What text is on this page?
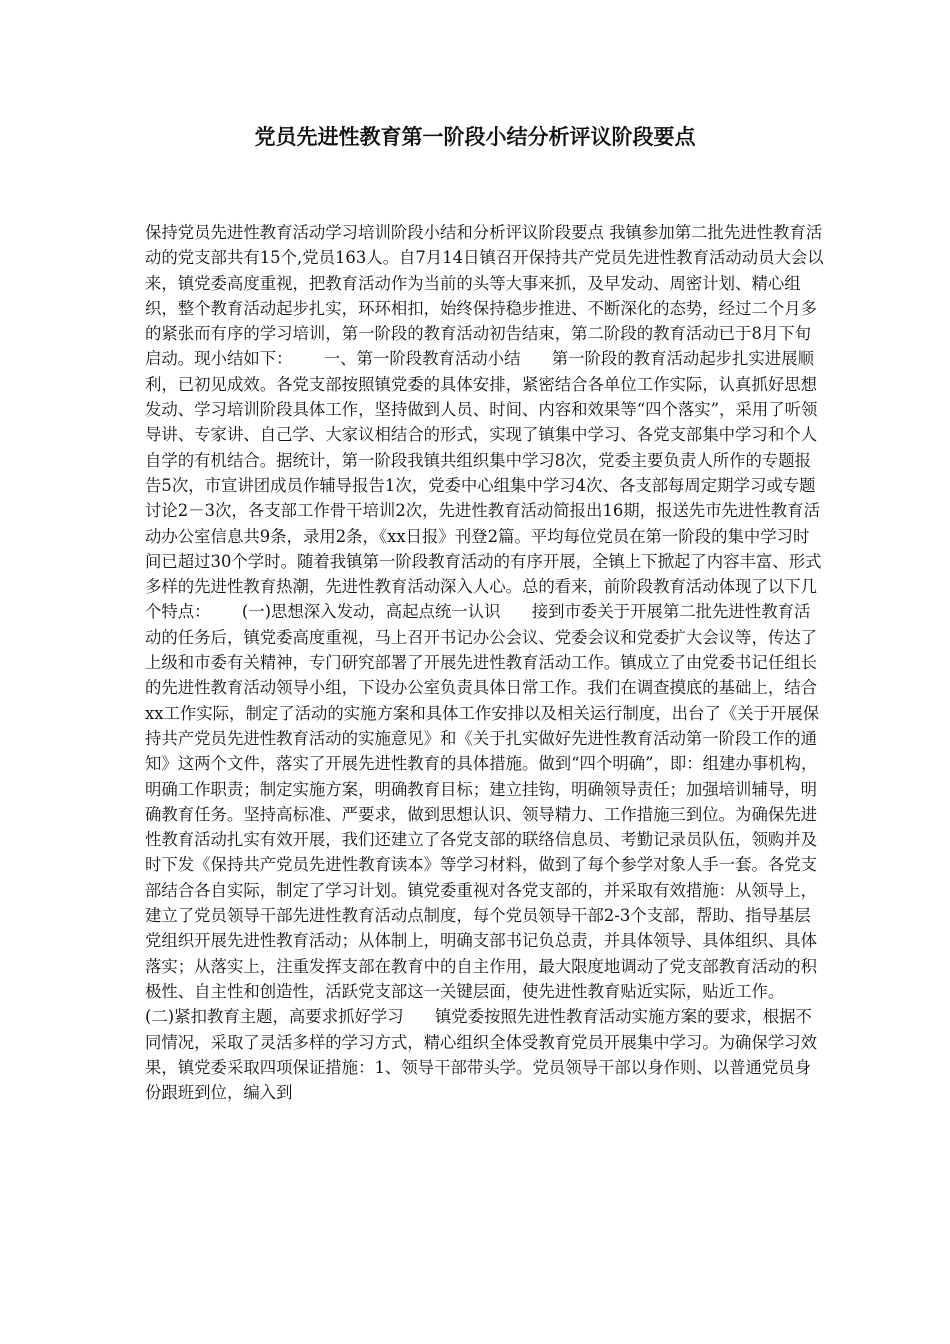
党员先进性教育第一阶段小结分析评议阶段要点
保持党员先进性教育活动学习培训阶段小结和分析评议阶段要点 我镇参加第二批先进性教育活动的党支部共有15个,党员163人。自7月14日镇召开保持共产党员先进性教育活动动员大会以来，镇党委高度重视，把教育活动作为当前的头等大事来抓，及早发动、周密计划、精心组织，整个教育活动起步扎实，环环相扣，始终保持稳步推进、不断深化的态势，经过二个月多的紧张而有序的学习培训，第一阶段的教育活动初告结束，第二阶段的教育活动已于8月下旬启动。现小结如下：      一、第一阶段教育活动小结      第一阶段的教育活动起步扎实进展顺利，已初见成效。各党支部按照镇党委的具体安排，紧密结合各单位工作实际，认真抓好思想发动、学习培训阶段具体工作，坚持做到人员、时间、内容和效果等“四个落实”，采用了听领导讲、专家讲、自己学、大家议相结合的形式，实现了镇集中学习、各党支部集中学习和个人自学的有机结合。据统计，第一阶段我镇共组织集中学习8次，党委主要负责人所作的专题报告5次，市宣讲团成员作辅导报告1次，党委中心组集中学习4次、各支部每周定期学习或专题讨论2－3次，各支部工作骨干培训2次，先进性教育活动简报出16期，报送先市先进性教育活动办公室信息共9条，录用2条，《xx日报》刊登2篇。平均每位党员在第一阶段的集中学习时间已超过30个学时。随着我镇第一阶段教育活动的有序开展，全镇上下掀起了内容丰富、形式多样的先进性教育热潮，先进性教育活动深入人心。总的看来，前阶段教育活动体现了以下几个特点：      (一)思想深入发动，高起点统一认识      接到市委关于开展第二批先进性教育活动的任务后，镇党委高度重视，马上召开书记办公会议、党委会议和党委扩大会议等，传达了上级和市委有关精神，专门研究部署了开展先进性教育活动工作。镇成立了由党委书记任组长的先进性教育活动领导小组，下设办公室负责具体日常工作。我们在调查摸底的基础上，结合xx工作实际，制定了活动的实施方案和具体工作安排以及相关运行制度，出台了《关于开展保持共产党员先进性教育活动的实施意见》和《关于扎实做好先进性教育活动第一阶段工作的通知》这两个文件，落实了开展先进性教育的具体措施。做到“四个明确”，即：组建办事机构，明确工作职责；制定实施方案，明确教育目标；建立挂钩，明确领导责任；加强培训辅导，明确教育任务。坚持高标准、严要求，做到思想认识、领导精力、工作措施三到位。为确保先进性教育活动扎实有效开展，我们还建立了各党支部的联络信息员、考勤记录员队伍，领购并及时下发《保持共产党员先进性教育读本》等学习材料，做到了每个参学对象人手一套。各党支部结合各自实际，制定了学习计划。镇党委重视对各党支部的，并采取有效措施：从领导上，建立了党员领导干部先进性教育活动点制度，每个党员领导干部2-3个支部，帮助、指导基层党组织开展先进性教育活动；从体制上，明确支部书记负总责，并具体领导、具体组织、具体落实；从落实上，注重发挥支部在教育中的自主作用，最大限度地调动了党支部教育活动的积极性、自主性和创造性，活跃党支部这一关键层面，使先进性教育贴近实际，贴近工作。      (二)紧扣教育主题，高要求抓好学习      镇党委按照先进性教育活动实施方案的要求，根据不同情况，采取了灵活多样的学习方式，精心组织全体受教育党员开展集中学习。为确保学习效果，镇党委采取四项保证措施：1、领导干部带头学。党员领导干部以身作则、以普通党员身份跟班到位，编入到
